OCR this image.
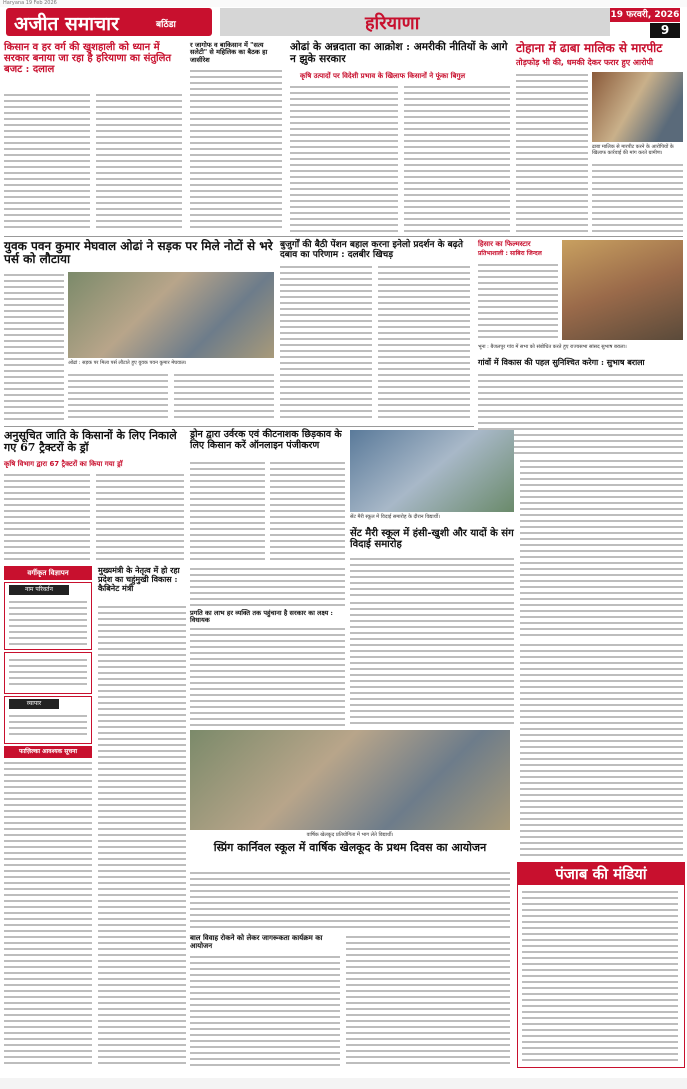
Haryana 19 Feb 2026
अजीत समाचार	बठिंडा	हरियाणा	19 फरवरी, 2026
9
किसान व हर वर्ग की खुशहाली को ध्यान में सरकार बनाया जा रहा है हरियाणा का संतुलित बजट : दलाल
र जागोफ व बाकिसान में "सत्य सलेटी" से महिलिक का बैठक हा जासीरेश
ओढां के अन्नदाता का आक्रोश : अमरीकी नीतियों के आगे न झुके सरकार
कृषि उत्पादों पर विदेशी प्रभाव के खिलाफ किसानों ने फूंका बिगुल
टोहाना में ढाबा मालिक से मारपीट
तोड़फोड़ भी की, धमकी देकर फरार हुए आरोपी
ढाबा मालिक से मारपीट करने के आरोपियों के खिलाफ कार्रवाई की मांग करते ग्रामीण।
युवक पवन कुमार मेघवाल ओढां ने सड़क पर मिले नोटों से भरे पर्स को लौटाया
ओढां : सड़क पर मिला पर्स लौटाते हुए युवक पवन कुमार मेघवाल।
बुजुर्गों की बैठी पेंशन बहाल करना इनेलो प्रदर्शन के बढ़ते दबाव का परिणाम : दलबीर खिचड़
हिसार का फिल्मस्टार
प्रतिभाशाली : साबिरा जिन्दल
भूना : बैजलपुर गांव में सभा को संबोधित करते हुए राज्यसभा सांसद सुभाष बराला।
गांवों में विकास की पहल सुनिश्चित करेगा : सुभाष बराला
अनुसूचित जाति के किसानों के लिए निकाले गए 67 ट्रैक्टरों के ड्रॉ
कृषि विभाग द्वारा 67 ट्रैक्टरों का किया गया ड्रॉ
ड्रोन द्वारा उर्वरक एवं कीटनाशक छिड़काव के लिए किसान करें ऑनलाइन पंजीकरण
सेंट मैरी स्कूल में विदाई समारोह के दौरान विद्यार्थी।
सेंट मैरी स्कूल में हंसी-खुशी और यादों के संग विदाई समारोह
वर्गीकृत विज्ञापन
नाम परिवर्तन
व्यापार
फाज़िल्का आवश्यक सूचना
मुख्यमंत्री के नेतृत्व में हो रहा प्रदेश का चहुंमुखी विकास : कैबिनेट मंत्री
प्रगति का लाभ हर व्यक्ति तक पहुंचाना है सरकार का लक्ष्य : विधायक
वार्षिक खेलकूद प्रतियोगिता में भाग लेते विद्यार्थी।
स्प्रिंग कार्निवल स्कूल में वार्षिक खेलकूद के प्रथम दिवस का आयोजन
बाल विवाह रोकने को लेकर जागरूकता कार्यक्रम का आयोजन
पंजाब की मंडियां
